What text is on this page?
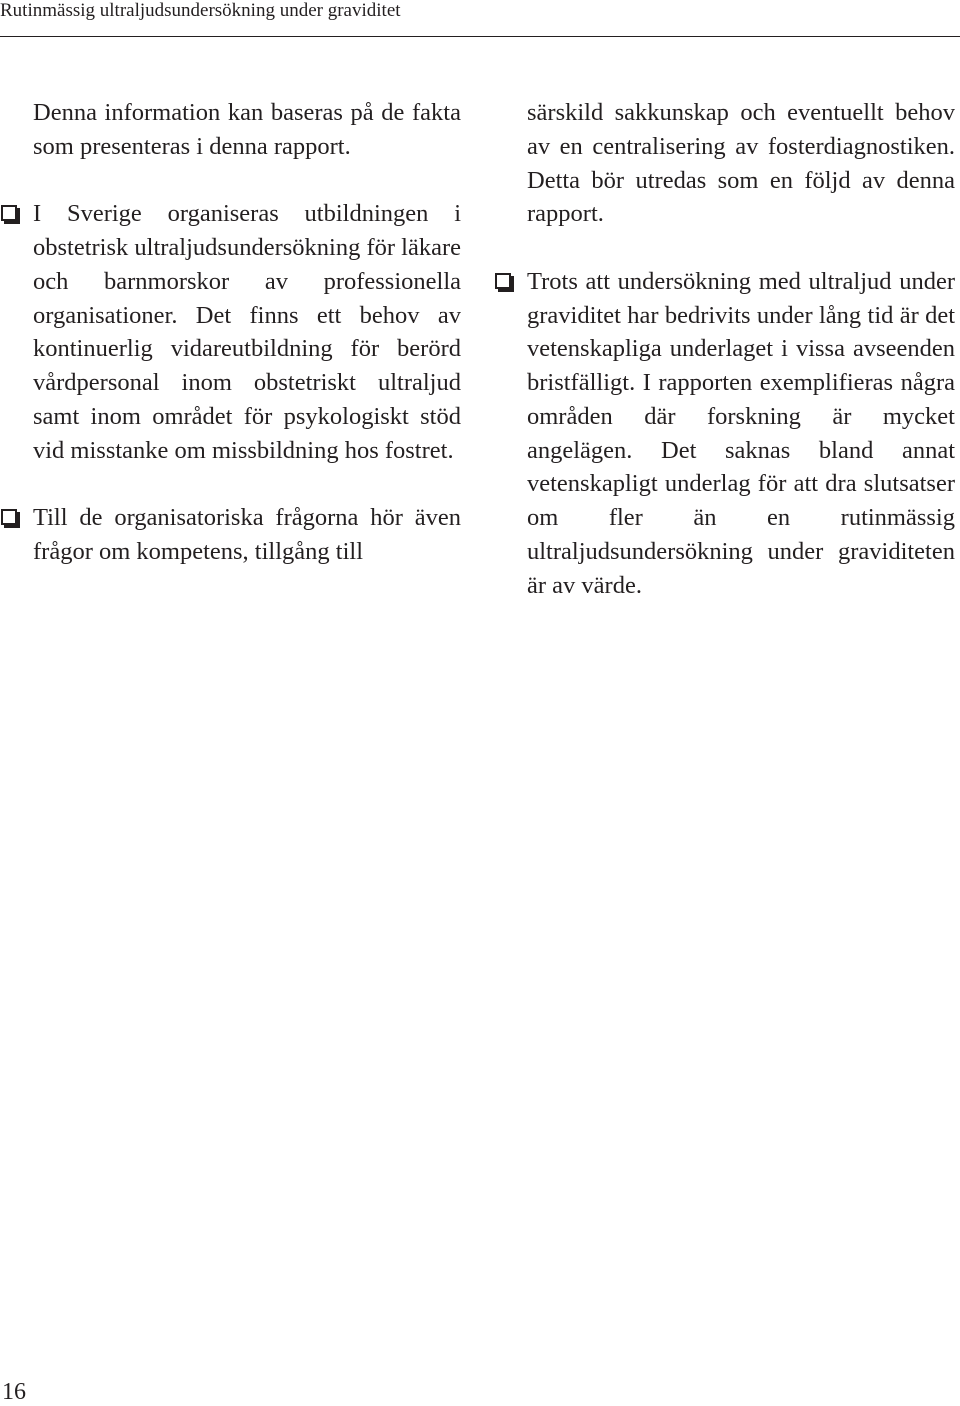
Rutinmässig ultraljudsundersökning under graviditet

Denna information kan baseras på de fakta som presenteras i denna rapport.

I Sverige organiseras utbildningen i obstetrisk ultraljudsundersökning för läkare och barnmorskor av professionella organisationer. Det finns ett behov av kontinuerlig vidareutbildning för berörd vårdpersonal inom obstetriskt ultraljud samt inom området för psykologiskt stöd vid misstanke om missbildning hos fostret.

Till de organisatoriska frågorna hör även frågor om kompetens, tillgång till

särskild sakkunskap och eventuellt behov av en centralisering av fosterdiagnostiken. Detta bör utredas som en följd av denna rapport.

Trots att undersökning med ultraljud under graviditet har bedrivits under lång tid är det vetenskapliga underlaget i vissa avseenden bristfälligt. I rapporten exemplifieras några områden där forskning är mycket angelägen. Det saknas bland annat vetenskapligt underlag för att dra slutsatser om fler än en rutinmässig ultraljudsundersökning under graviditeten är av värde.

16
